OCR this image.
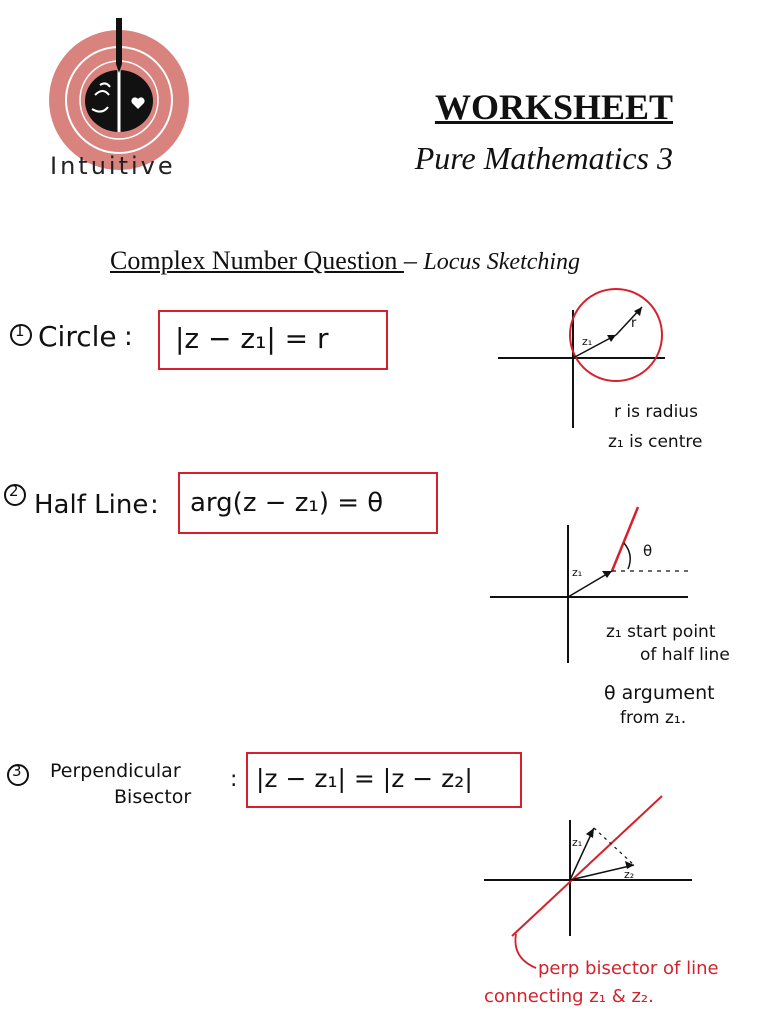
Intuitive
WORKSHEET
Pure Mathematics 3
Complex Number Question – Locus Sketching
1 Circle : |z − z₁| = r	z₁
r
r is radius
z₁ is centre
2 Half Line : arg(z − z₁) = θ
z₁
θ
z₁ start point
of half line
θ argument
from z₁.
3 Perpendicular
Bisector
: |z − z₁| = |z − z₂|
z₁
z₂
perp bisector of line
connecting z₁ & z₂.
